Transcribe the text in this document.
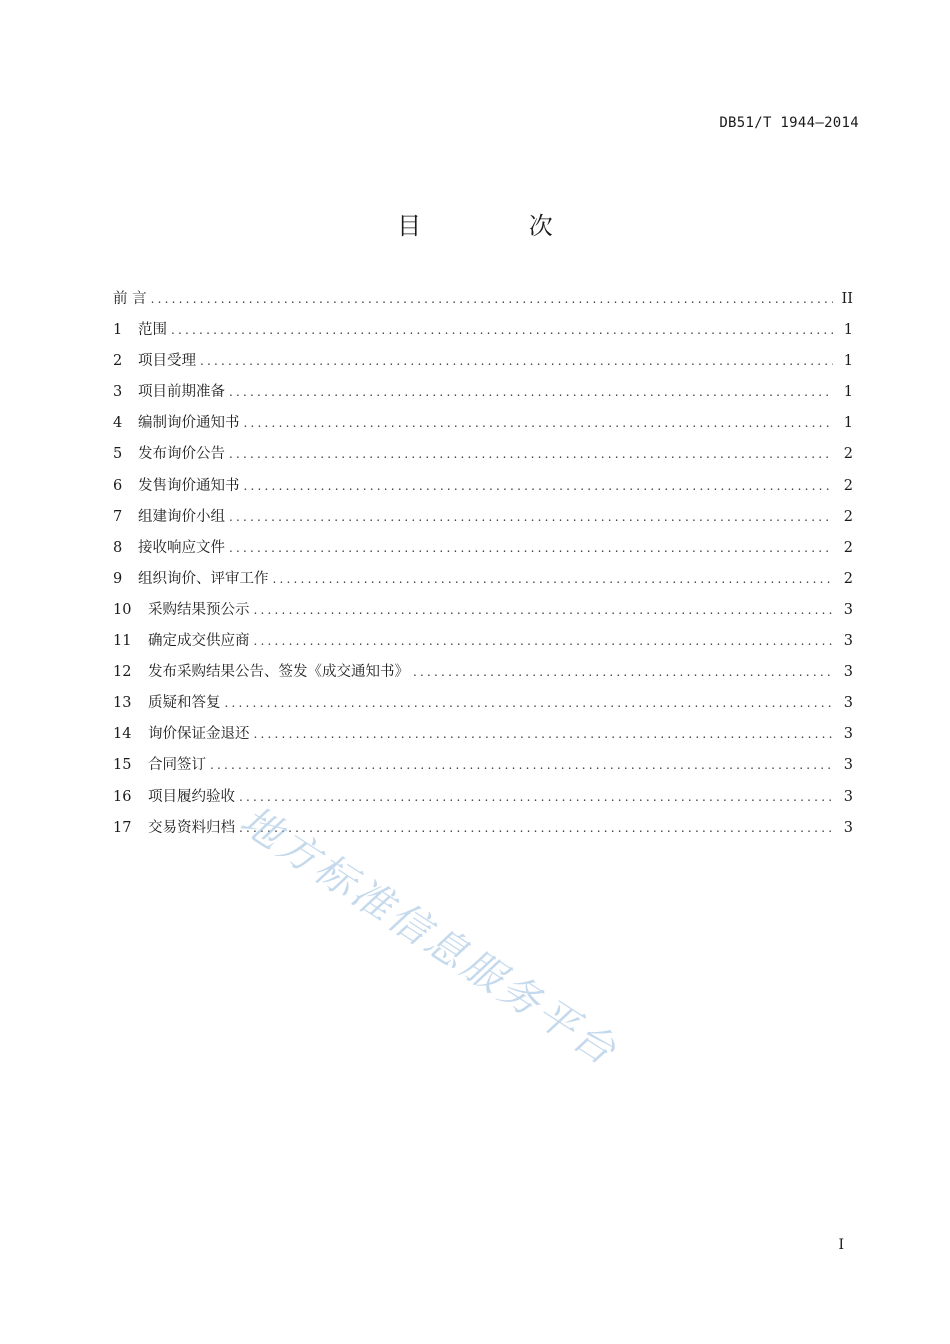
DB51/T 1944—2014
目 次
前 言 .....	II
1	范围 .....	1
2	项目受理 .....	1
3	项目前期准备 .....	1
4	编制询价通知书 .....	1
5	发布询价公告 .....	2
6	发售询价通知书 .....	2
7	组建询价小组 .....	2
8	接收响应文件 .....	2
9	组织询价、评审工作 .....	2
10	采购结果预公示 .....	3
11	确定成交供应商 .....	3
12	发布采购结果公告、签发《成交通知书》 .....	3
13	质疑和答复 .....	3
14	询价保证金退还 .....	3
15	合同签订 .....	3
16	项目履约验收 .....	3
17	交易资料归档 .....	3
地方标准信息服务平台
I
